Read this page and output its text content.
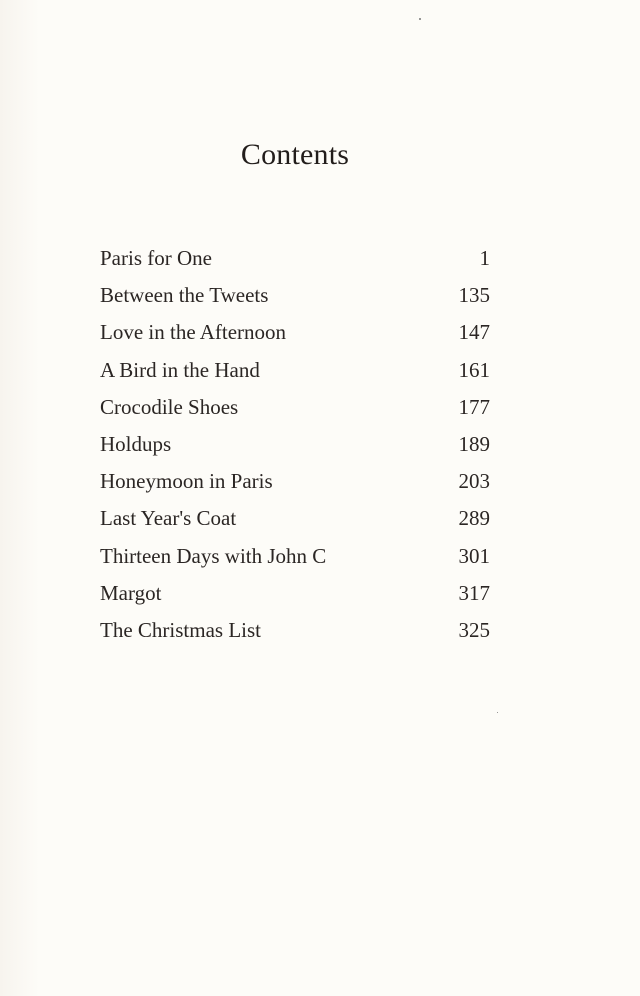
Contents
Paris for One	1
Between the Tweets	135
Love in the Afternoon	147
A Bird in the Hand	161
Crocodile Shoes	177
Holdups	189
Honeymoon in Paris	203
Last Year's Coat	289
Thirteen Days with John C	301
Margot	317
The Christmas List	325
